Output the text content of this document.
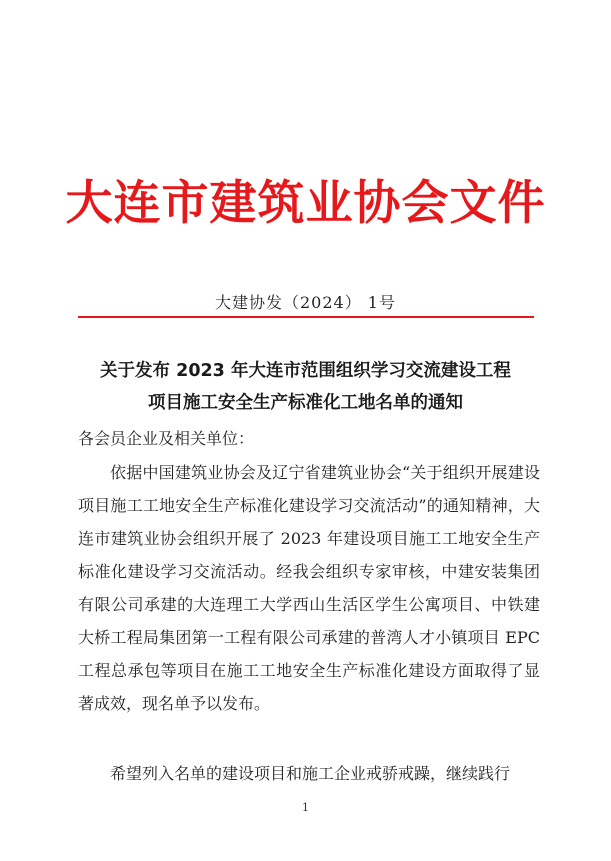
大连市建筑业协会文件
大建协发（2024） 1号
关于发布 2023 年大连市范围组织学习交流建设工程
项目施工安全生产标准化工地名单的通知
各会员企业及相关单位：

依据中国建筑业协会及辽宁省建筑业协会“关于组织开展建设项目施工工地安全生产标准化建设学习交流活动”的通知精神，大连市建筑业协会组织开展了 2023 年建设项目施工工地安全生产标准化建设学习交流活动。经我会组织专家审核，中建安装集团有限公司承建的大连理工大学西山生活区学生公寓项目、中铁建大桥工程局集团第一工程有限公司承建的普湾人才小镇项目 EPC 工程总承包等项目在施工工地安全生产标准化建设方面取得了显著成效，现名单予以发布。

希望列入名单的建设项目和施工企业戒骄戒躁，继续践行

1
